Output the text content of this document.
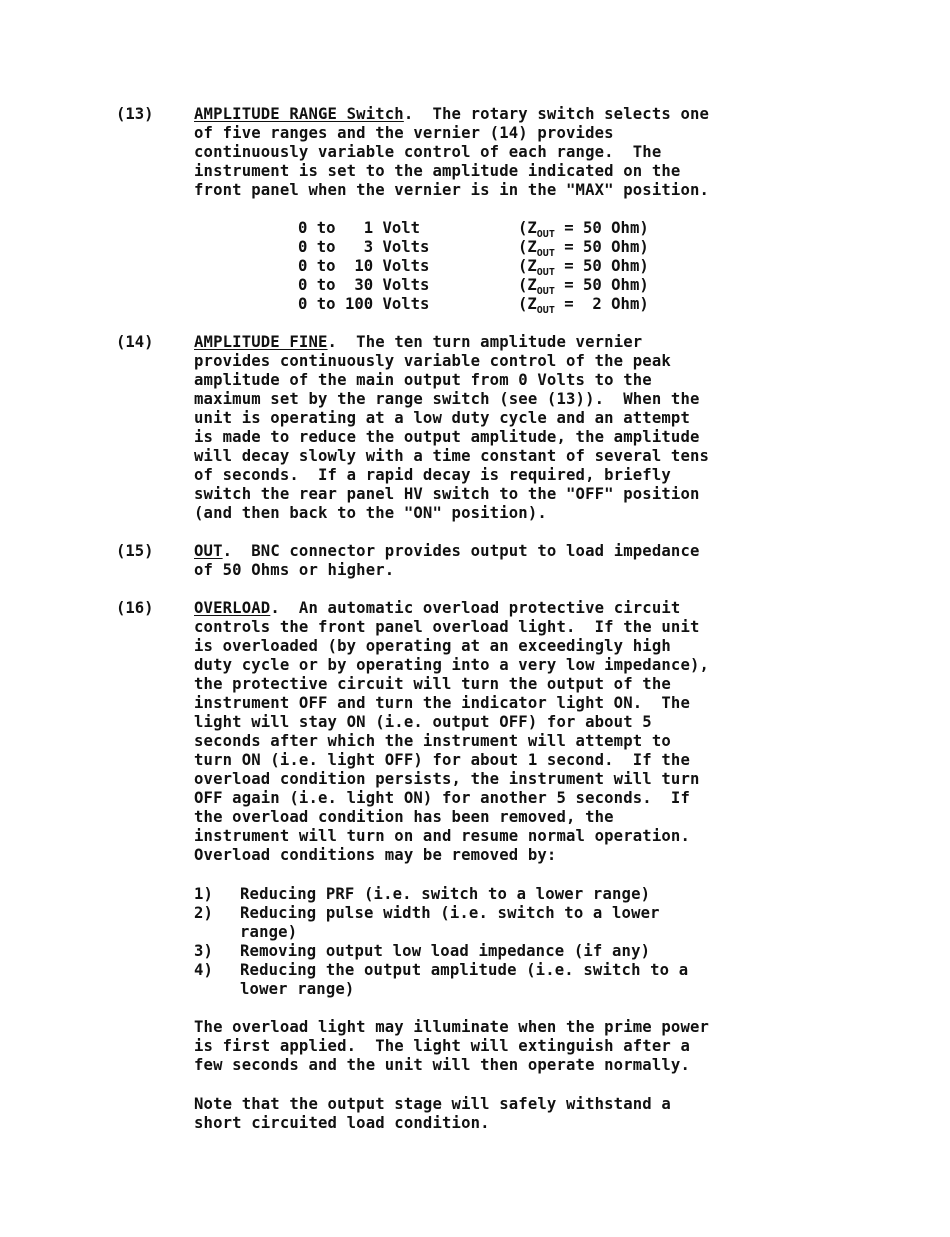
(13)	AMPLITUDE RANGE Switch.  The rotary switch selects one
of five ranges and the vernier (14) provides
continuously variable control of each range.  The
instrument is set to the amplitude indicated on the
front panel when the vernier is in the "MAX" position.
0 to   1 Volt	($Z_{OUT} = 50$ Ohm)
0 to   3 Volts	($Z_{OUT} = 50$ Ohm)
0 to  10 Volts	($Z_{OUT} = 50$ Ohm)
0 to  30 Volts	($Z_{OUT} = 50$ Ohm)
0 to 100 Volts	($Z_{OUT} = 2$ Ohm)
(14)	AMPLITUDE FINE.  The ten turn amplitude vernier
provides continuously variable control of the peak
amplitude of the main output from 0 Volts to the
maximum set by the range switch (see (13)).  When the
unit is operating at a low duty cycle and an attempt
is made to reduce the output amplitude, the amplitude
will decay slowly with a time constant of several tens
of seconds.  If a rapid decay is required, briefly
switch the rear panel HV switch to the "OFF" position
(and then back to the "ON" position).
(15)	OUT.  BNC connector provides output to load impedance
of 50 Ohms or higher.
(16)	OVERLOAD.  An automatic overload protective circuit
controls the front panel overload light.  If the unit
is overloaded (by operating at an exceedingly high
duty cycle or by operating into a very low impedance),
the protective circuit will turn the output of the
instrument OFF and turn the indicator light ON.  The
light will stay ON (i.e. output OFF) for about 5
seconds after which the instrument will attempt to
turn ON (i.e. light OFF) for about 1 second.  If the
overload condition persists, the instrument will turn
OFF again (i.e. light ON) for another 5 seconds.  If
the overload condition has been removed, the
instrument will turn on and resume normal operation.
Overload conditions may be removed by:
1) Reducing PRF (i.e. switch to a lower range)
2) Reducing pulse width (i.e. switch to a lower
range)
3) Removing output low load impedance (if any)
4) Reducing the output amplitude (i.e. switch to a
lower range)
The overload light may illuminate when the prime power
is first applied.  The light will extinguish after a
few seconds and the unit will then operate normally.
Note that the output stage will safely withstand a
short circuited load condition.
